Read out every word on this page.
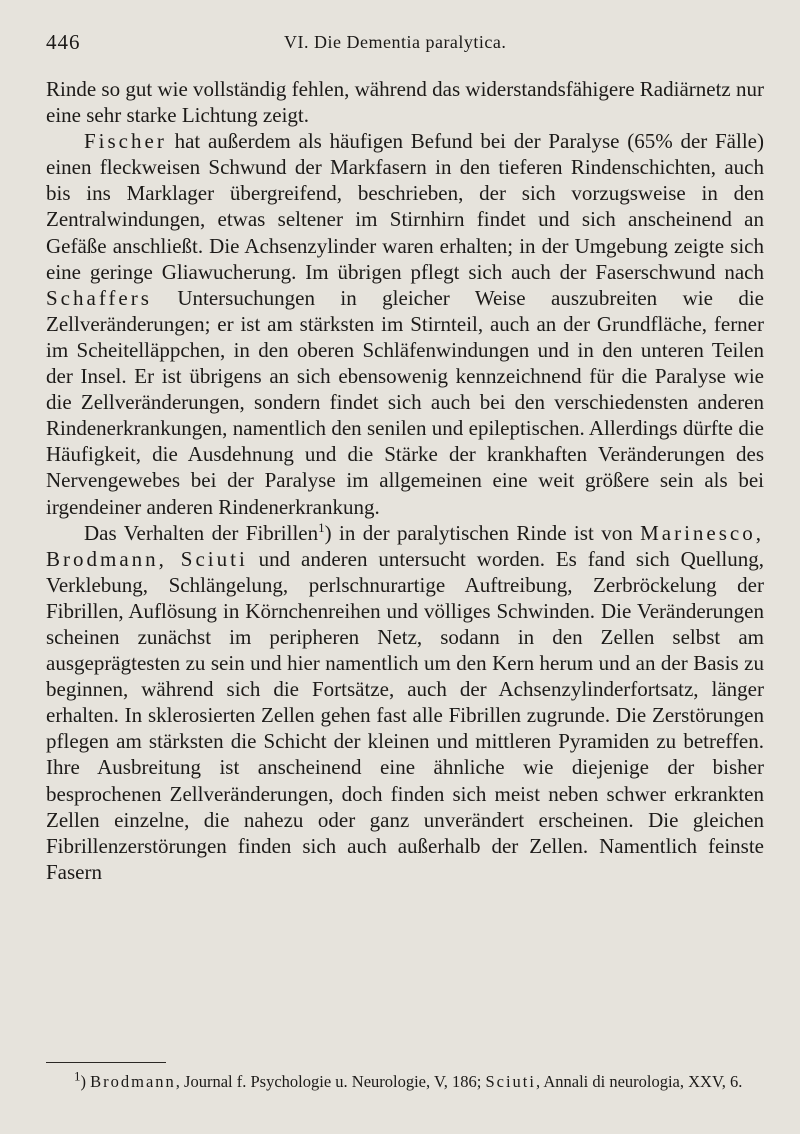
446	VI. Die Dementia paralytica.

Rinde so gut wie vollständig fehlen, während das widerstandsfähigere Radiärnetz nur eine sehr starke Lichtung zeigt.

Fischer hat außerdem als häufigen Befund bei der Paralyse (65% der Fälle) einen fleckweisen Schwund der Markfasern in den tieferen Rindenschichten, auch bis ins Marklager übergreifend, beschrieben, der sich vorzugsweise in den Zentralwindungen, etwas seltener im Stirnhirn findet und sich anscheinend an Gefäße anschließt. Die Achsenzylinder waren erhalten; in der Umgebung zeigte sich eine geringe Gliawucherung. Im übrigen pflegt sich auch der Faserschwund nach Schaffers Untersuchungen in gleicher Weise auszubreiten wie die Zellveränderungen; er ist am stärksten im Stirnteil, auch an der Grundfläche, ferner im Scheitelläppchen, in den oberen Schläfenwindungen und in den unteren Teilen der Insel. Er ist übrigens an sich ebensowenig kennzeichnend für die Paralyse wie die Zellveränderungen, sondern findet sich auch bei den verschiedensten anderen Rindenerkrankungen, namentlich den senilen und epileptischen. Allerdings dürfte die Häufigkeit, die Ausdehnung und die Stärke der krankhaften Veränderungen des Nervengewebes bei der Paralyse im allgemeinen eine weit größere sein als bei irgendeiner anderen Rindenerkrankung.

Das Verhalten der Fibrillen$^1$) in der paralytischen Rinde ist von Marinesco, Brodmann, Sciuti und anderen untersucht worden. Es fand sich Quellung, Verklebung, Schlängelung, perlschnurartige Auftreibung, Zerbröckelung der Fibrillen, Auflösung in Körnchenreihen und völliges Schwinden. Die Veränderungen scheinen zunächst im peripheren Netz, sodann in den Zellen selbst am ausgeprägtesten zu sein und hier namentlich um den Kern herum und an der Basis zu beginnen, während sich die Fortsätze, auch der Achsenzylinderfortsatz, länger erhalten. In sklerosierten Zellen gehen fast alle Fibrillen zugrunde. Die Zerstörungen pflegen am stärksten die Schicht der kleinen und mittleren Pyramiden zu betreffen. Ihre Ausbreitung ist anscheinend eine ähnliche wie diejenige der bisher besprochenen Zellveränderungen, doch finden sich meist neben schwer erkrankten Zellen einzelne, die nahezu oder ganz unverändert erscheinen. Die gleichen Fibrillenzerstörungen finden sich auch außerhalb der Zellen. Namentlich feinste Fasern

$^1$) Brodmann, Journal f. Psychologie u. Neurologie, V, 186; Sciuti, Annali di neurologia, XXV, 6.
